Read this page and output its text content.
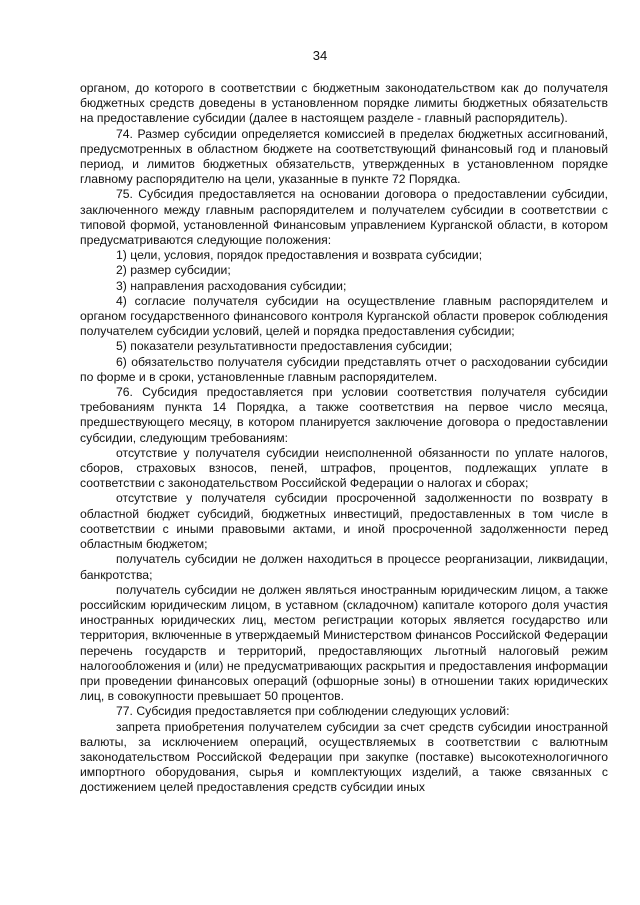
34

органом, до которого в соответствии с бюджетным законодательством как до получателя бюджетных средств доведены в установленном порядке лимиты бюджетных обязательств на предоставление субсидии (далее в настоящем разделе - главный распорядитель).

74. Размер субсидии определяется комиссией в пределах бюджетных ассигнований, предусмотренных в областном бюджете на соответствующий финансовый год и плановый период, и лимитов бюджетных обязательств, утвержденных в установленном порядке главному распорядителю на цели, указанные в пункте 72 Порядка.

75. Субсидия предоставляется на основании договора о предоставлении субсидии, заключенного между главным распорядителем и получателем субсидии в соответствии с типовой формой, установленной Финансовым управлением Курганской области, в котором предусматриваются следующие положения:

1) цели, условия, порядок предоставления и возврата субсидии;

2) размер субсидии;

3) направления расходования субсидии;

4) согласие получателя субсидии на осуществление главным распорядителем и органом государственного финансового контроля Курганской области проверок соблюдения получателем субсидии условий, целей и порядка предоставления субсидии;

5) показатели результативности предоставления субсидии;

6) обязательство получателя субсидии представлять отчет о расходовании субсидии по форме и в сроки, установленные главным распорядителем.

76. Субсидия предоставляется при условии соответствия получателя субсидии требованиям пункта 14 Порядка, а также соответствия на первое число месяца, предшествующего месяцу, в котором планируется заключение договора о предоставлении субсидии, следующим требованиям:

отсутствие у получателя субсидии неисполненной обязанности по уплате налогов, сборов, страховых взносов, пеней, штрафов, процентов, подлежащих уплате в соответствии с законодательством Российской Федерации о налогах и сборах;

отсутствие у получателя субсидии просроченной задолженности по возврату в областной бюджет субсидий, бюджетных инвестиций, предоставленных в том числе в соответствии с иными правовыми актами, и иной просроченной задолженности перед областным бюджетом;

получатель субсидии не должен находиться в процессе реорганизации, ликвидации, банкротства;

получатель субсидии не должен являться иностранным юридическим лицом, а также российским юридическим лицом, в уставном (складочном) капитале которого доля участия иностранных юридических лиц, местом регистрации которых является государство или территория, включенные в утверждаемый Министерством финансов Российской Федерации перечень государств и территорий, предоставляющих льготный налоговый режим налогообложения и (или) не предусматривающих раскрытия и предоставления информации при проведении финансовых операций (офшорные зоны) в отношении таких юридических лиц, в совокупности превышает 50 процентов.

77. Субсидия предоставляется при соблюдении следующих условий:

запрета приобретения получателем субсидии за счет средств субсидии иностранной валюты, за исключением операций, осуществляемых в соответствии с валютным законодательством Российской Федерации при закупке (поставке) высокотехнологичного импортного оборудования, сырья и комплектующих изделий, а также связанных с достижением целей предоставления средств субсидии иных
